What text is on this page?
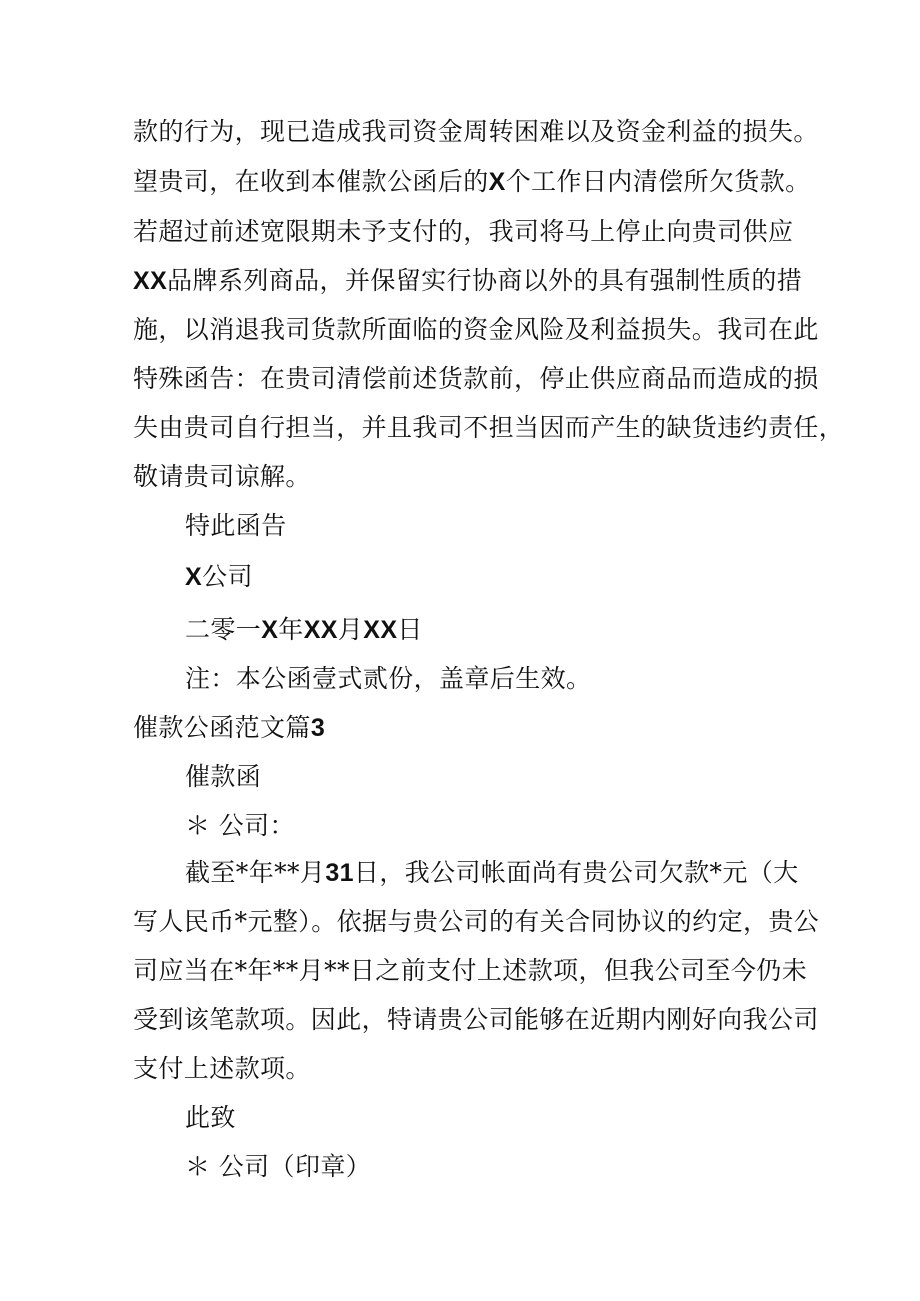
款的行为，现已造成我司资金周转困难以及资金利益的损失。
望贵司，在收到本催款公函后的X个工作日内清偿所欠货款。
若超过前述宽限期未予支付的，我司将马上停止向贵司供应
XX品牌系列商品，并保留实行协商以外的具有强制性质的措
施，以消退我司货款所面临的资金风险及利益损失。我司在此
特殊函告：在贵司清偿前述货款前，停止供应商品而造成的损
失由贵司自行担当，并且我司不担当因而产生的缺货违约责任，
敬请贵司谅解。
特此函告
X公司
二零一X年XX月XX日
注：本公函壹式贰份，盖章后生效。
催款公函范文篇3
催款函
＊ 公司：
截至*年**月31日，我公司帐面尚有贵公司欠款*元（大
写人民币*元整）。依据与贵公司的有关合同协议的约定，贵公
司应当在*年**月**日之前支付上述款项，但我公司至今仍未
受到该笔款项。因此，特请贵公司能够在近期内刚好向我公司
支付上述款项。
此致
＊ 公司（印章）
